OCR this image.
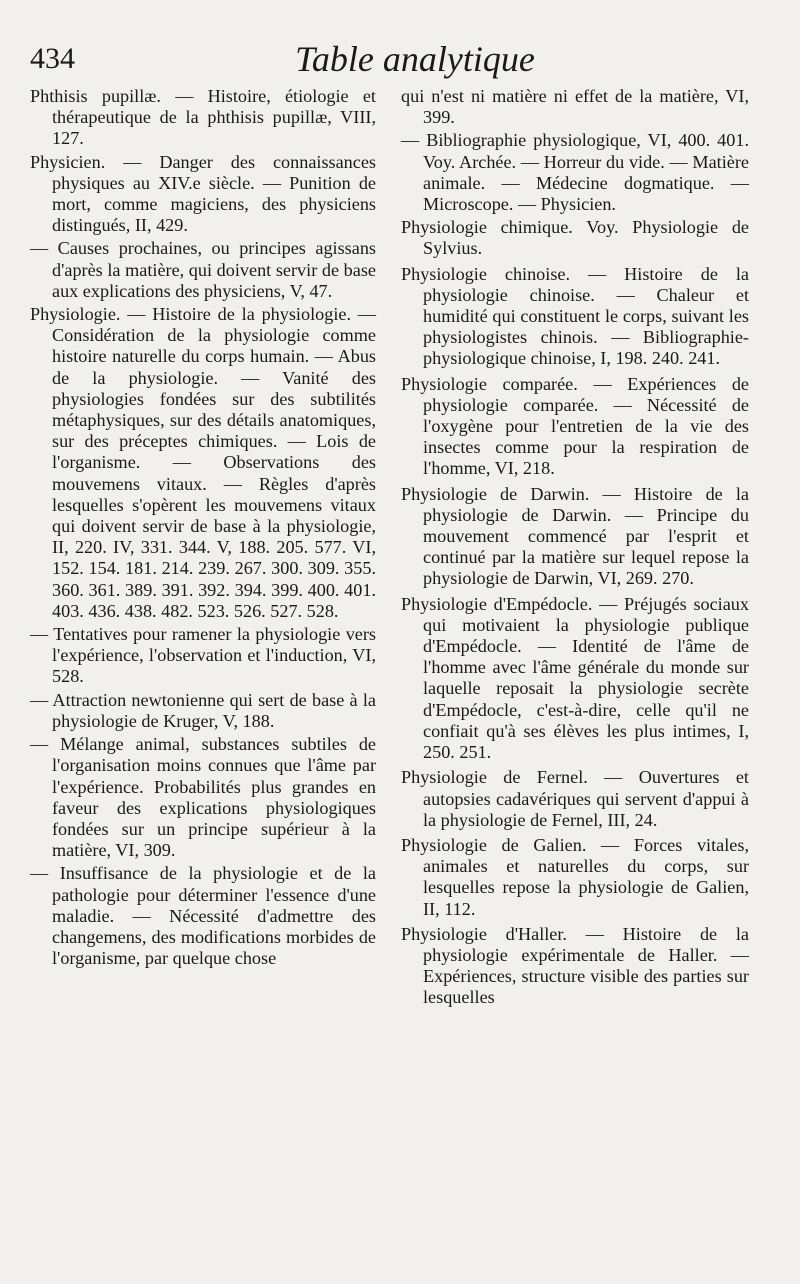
434	Table analytique

Phthisis pupillæ. — Histoire, étiologie et thérapeutique de la phthisis pupillæ, VIII, 127.

Physicien. — Danger des connaissances physiques au XIV.e siècle. — Punition de mort, comme magiciens, des physiciens distingués, II, 429.

— Causes prochaines, ou principes agissans d'après la matière, qui doivent servir de base aux explications des physiciens, V, 47.

Physiologie. — Histoire de la physiologie. — Considération de la physiologie comme histoire naturelle du corps humain. — Abus de la physiologie. — Vanité des physiologies fondées sur des subtilités métaphysiques, sur des détails anatomiques, sur des préceptes chimiques. — Lois de l'organisme. — Observations des mouvemens vitaux. — Règles d'après lesquelles s'opèrent les mouvemens vitaux qui doivent servir de base à la physiologie, II, 220. IV, 331. 344. V, 188. 205. 577. VI, 152. 154. 181. 214. 239. 267. 300. 309. 355. 360. 361. 389. 391. 392. 394. 399. 400. 401. 403. 436. 438. 482. 523. 526. 527. 528.

— Tentatives pour ramener la physiologie vers l'expérience, l'observation et l'induction, VI, 528.

— Attraction newtonienne qui sert de base à la physiologie de Kruger, V, 188.

— Mélange animal, substances subtiles de l'organisation moins connues que l'âme par l'expérience. Probabilités plus grandes en faveur des explications physiologiques fondées sur un principe supérieur à la matière, VI, 309.

— Insuffisance de la physiologie et de la pathologie pour déterminer l'essence d'une maladie. — Nécessité d'admettre des changemens, des modifications morbides de l'organisme, par quelque chose

qui n'est ni matière ni effet de la matière, VI, 399.

— Bibliographie physiologique, VI, 400. 401. Voy. Archée. — Horreur du vide. — Matière animale. — Médecine dogmatique. — Microscope. — Physicien.

Physiologie chimique. Voy. Physiologie de Sylvius.

Physiologie chinoise. — Histoire de la physiologie chinoise. — Chaleur et humidité qui constituent le corps, suivant les physiologistes chinois. — Bibliographie-physiologique chinoise, I, 198. 240. 241.

Physiologie comparée. — Expériences de physiologie comparée. — Nécessité de l'oxygène pour l'entretien de la vie des insectes comme pour la respiration de l'homme, VI, 218.

Physiologie de Darwin. — Histoire de la physiologie de Darwin. — Principe du mouvement commencé par l'esprit et continué par la matière sur lequel repose la physiologie de Darwin, VI, 269. 270.

Physiologie d'Empédocle. — Préjugés sociaux qui motivaient la physiologie publique d'Empédocle. — Identité de l'âme de l'homme avec l'âme générale du monde sur laquelle reposait la physiologie secrète d'Empédocle, c'est-à-dire, celle qu'il ne confiait qu'à ses élèves les plus intimes, I, 250. 251.

Physiologie de Fernel. — Ouvertures et autopsies cadavériques qui servent d'appui à la physiologie de Fernel, III, 24.

Physiologie de Galien. — Forces vitales, animales et naturelles du corps, sur lesquelles repose la physiologie de Galien, II, 112.

Physiologie d'Haller. — Histoire de la physiologie expérimentale de Haller. — Expériences, structure visible des parties sur lesquelles
